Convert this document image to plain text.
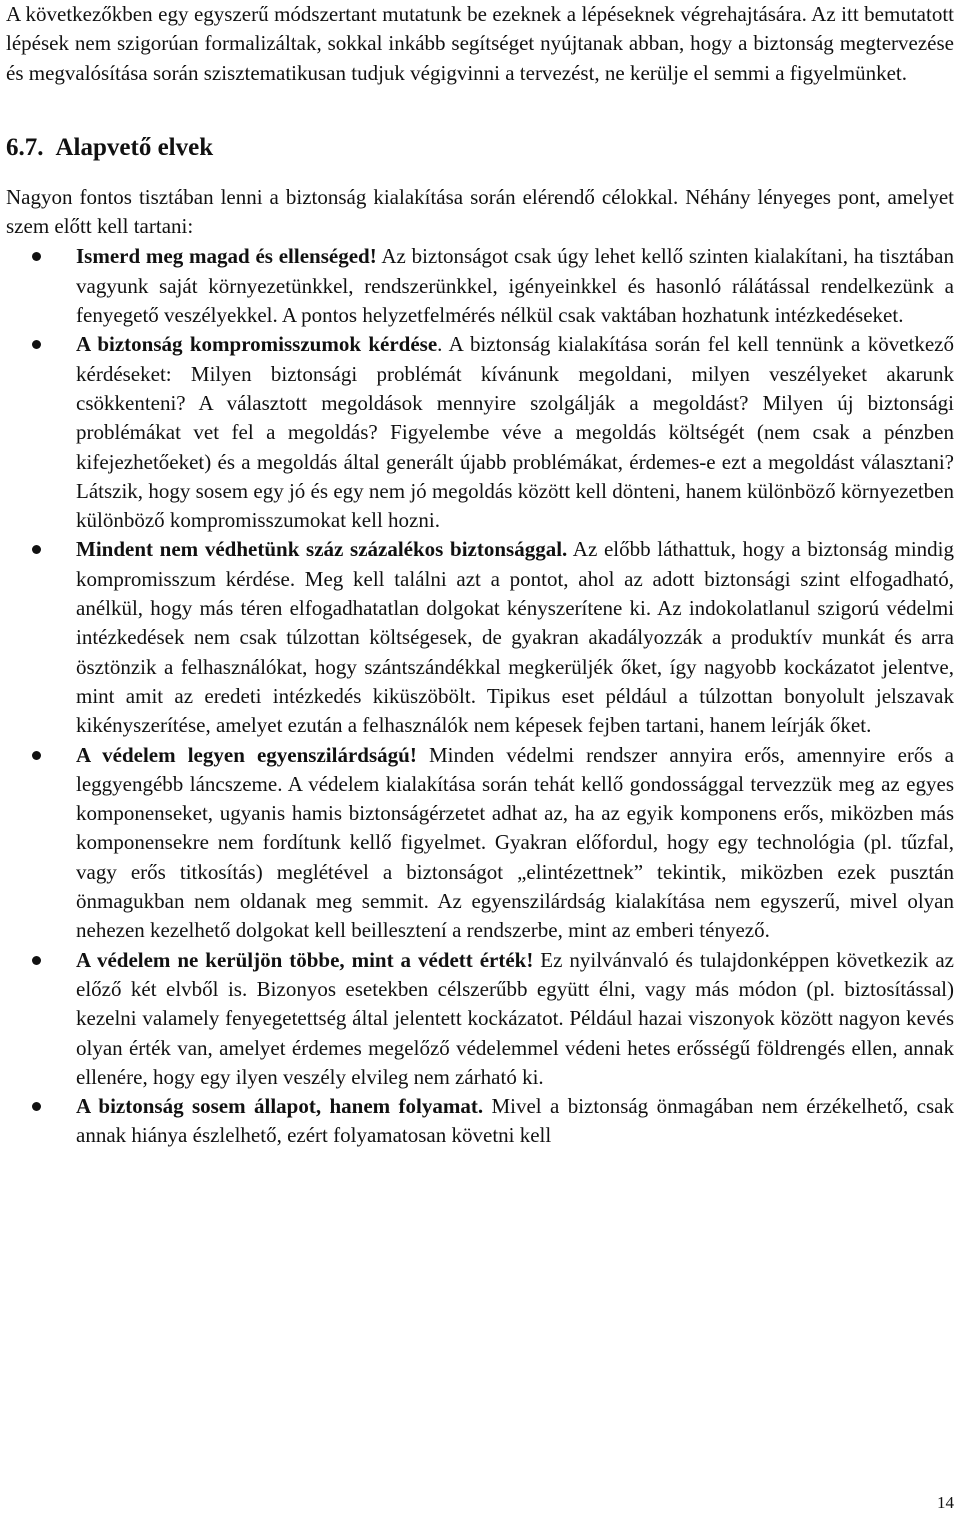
A következőkben egy egyszerű módszertant mutatunk be ezeknek a lépéseknek végrehajtására. Az itt bemutatott lépések nem szigorúan formalizáltak, sokkal inkább segítséget nyújtanak abban, hogy a biztonság megtervezése és megvalósítása során szisztematikusan tudjuk végigvinni a tervezést, ne kerülje el semmi a figyelmünket.

6.7. Alapvető elvek

Nagyon fontos tisztában lenni a biztonság kialakítása során elérendő célokkal. Néhány lényeges pont, amelyet szem előtt kell tartani:

Ismerd meg magad és ellenséged! Az biztonságot csak úgy lehet kellő szinten kialakítani, ha tisztában vagyunk saját környezetünkkel, rendszerünkkel, igényeinkkel és hasonló rálátással rendelkezünk a fenyegető veszélyekkel. A pontos helyzetfelmérés nélkül csak vaktában hozhatunk intézkedéseket.

A biztonság kompromisszumok kérdése. A biztonság kialakítása során fel kell tennünk a következő kérdéseket: Milyen biztonsági problémát kívánunk megoldani, milyen veszélyeket akarunk csökkenteni? A választott megoldások mennyire szolgálják a megoldást? Milyen új biztonsági problémákat vet fel a megoldás? Figyelembe véve a megoldás költségét (nem csak a pénzben kifejezhetőeket) és a megoldás által generált újabb problémákat, érdemes-e ezt a megoldást választani? Látszik, hogy sosem egy jó és egy nem jó megoldás között kell dönteni, hanem különböző környezetben különböző kompromisszumokat kell hozni.

Mindent nem védhetünk száz százalékos biztonsággal. Az előbb láthattuk, hogy a biztonság mindig kompromisszum kérdése. Meg kell találni azt a pontot, ahol az adott biztonsági szint elfogadható, anélkül, hogy más téren elfogadhatatlan dolgokat kényszerítene ki. Az indokolatlanul szigorú védelmi intézkedések nem csak túlzottan költségesek, de gyakran akadályozzák a produktív munkát és arra ösztönzik a felhasználókat, hogy szántszándékkal megkerüljék őket, így nagyobb kockázatot jelentve, mint amit az eredeti intézkedés kiküszöbölt. Tipikus eset például a túlzottan bonyolult jelszavak kikényszerítése, amelyet ezután a felhasználók nem képesek fejben tartani, hanem leírják őket.

A védelem legyen egyenszilárdságú! Minden védelmi rendszer annyira erős, amennyire erős a leggyengébb láncszeme. A védelem kialakítása során tehát kellő gondossággal tervezzük meg az egyes komponenseket, ugyanis hamis biztonságérzetet adhat az, ha az egyik komponens erős, miközben más komponensekre nem fordítunk kellő figyelmet. Gyakran előfordul, hogy egy technológia (pl. tűzfal, vagy erős titkosítás) meglétével a biztonságot „elintézettnek” tekintik, miközben ezek pusztán önmagukban nem oldanak meg semmit. Az egyenszilárdság kialakítása nem egyszerű, mivel olyan nehezen kezelhető dolgokat kell beillesztení a rendszerbe, mint az emberi tényező.

A védelem ne kerüljön többe, mint a védett érték! Ez nyilvánvaló és tulajdonképpen következik az előző két elvből is. Bizonyos esetekben célszerűbb együtt élni, vagy más módon (pl. biztosítással) kezelni valamely fenyegetettség által jelentett kockázatot. Például hazai viszonyok között nagyon kevés olyan érték van, amelyet érdemes megelőző védelemmel védeni hetes erősségű földrengés ellen, annak ellenére, hogy egy ilyen veszély elvileg nem zárható ki.

A biztonság sosem állapot, hanem folyamat. Mivel a biztonság önmagában nem érzékelhető, csak annak hiánya észlelhető, ezért folyamatosan követni kell

14
